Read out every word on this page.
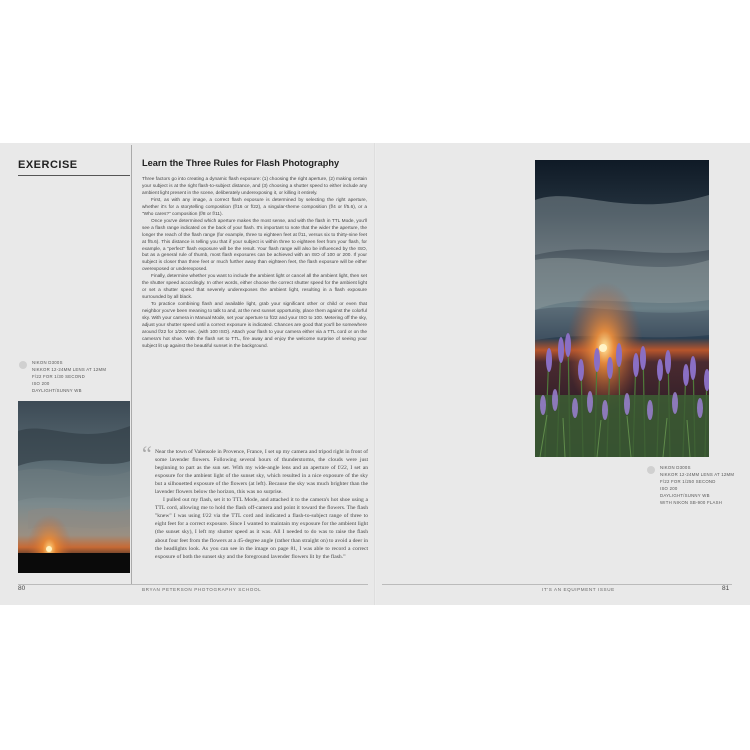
EXERCISE	Learn the Three Rules for Flash Photography

Three factors go into creating a dynamic flash exposure: (1) choosing the right aperture, (2) making certain your subject is at the right flash-to-subject distance, and (3) choosing a shutter speed to either include any ambient light present in the scene, deliberately underexposing it, or killing it entirely.

First, as with any image, a correct flash exposure is determined by selecting the right aperture, whether it's for a storytelling composition (f/16 or f/22), a singular-theme composition (f/4 or f/5.6), or a "Who cares?" composition (f/8 or f/11).

Once you've determined which aperture makes the most sense, and with the flash in TTL Mode, you'll see a flash range indicated on the back of your flash. It's important to note that the wider the aperture, the longer the reach of the flash range (for example, three to eighteen feet at f/11, versus six to thirty-nine feet at f/5.6). This distance is telling you that if your subject is within three to eighteen feet from your flash, for example, a "perfect" flash exposure will be the result. Your flash range will also be influenced by the ISO, but as a general rule of thumb, most flash exposures can be achieved with an ISO of 100 or 200. If your subject is closer than three feet or much further away than eighteen feet, the flash exposure will be either overexposed or underexposed.

Finally, determine whether you want to include the ambient light or cancel all the ambient light, then set the shutter speed accordingly. In other words, either choose the correct shutter speed for the ambient light or set a shutter speed that severely underexposes the ambient light, resulting in a flash exposure surrounded by all black.

To practice combining flash and available light, grab your significant other or child or even that neighbor you've been meaning to talk to and, at the next sunset opportunity, place them against the colorful sky. With your camera in Manual Mode, set your aperture to f/22 and your ISO to 100. Metering off the sky, adjust your shutter speed until a correct exposure is indicated. Chances are good that you'll be somewhere around f/22 for 1/200 sec. (with 100 ISO). Attach your flash to your camera either via a TTL cord or on the camera's hot shoe. With the flash set to TTL, fire away and enjoy the welcome surprise of seeing your subject lit up against the beautiful sunset in the background.

NIKON D300S
NIKKOR 12-24MM LENS AT 12MM
F/22 FOR 1/30 SECOND
ISO 200
DAYLIGHT/SUNNY WB
“ Near the town of Valensole in Provence, France, I set up my camera and tripod right in front of some lavender flowers. Following several hours of thunderstorms, the clouds were just beginning to part as the sun set. With my wide-angle lens and an aperture of f/22, I set an exposure for the ambient light of the sunset sky, which resulted in a nice exposure of the sky but a silhouetted exposure of the flowers (at left). Because the sky was much brighter than the lavender flowers below the horizon, this was no surprise.

I pulled out my flash, set it to TTL Mode, and attached it to the camera's hot shoe using a TTL cord, allowing me to hold the flash off-camera and point it toward the flowers. The flash "knew" I was using f/22 via the TTL cord and indicated a flash-to-subject range of three to eight feet for a correct exposure. Since I wanted to maintain my exposure for the ambient light (the sunset sky), I left my shutter speed as it was. All I needed to do was to raise the flash about four feet from the flowers at a 45-degree angle (rather than straight on) to avoid a deer in the headlights look. As you can see in the image on page 81, I was able to record a correct exposure of both the sunset sky and the foreground lavender flowers lit by the flash.”

80	BRYAN PETERSON PHOTOGRAPHY SCHOOL
NIKON D300S
NIKKOR 12-24MM LENS AT 12MM
F/22 FOR 1/250 SECOND
ISO 200
DAYLIGHT/SUNNY WB
WITH NIKON SB-900 FLASH
IT'S AN EQUIPMENT ISSUE	81
